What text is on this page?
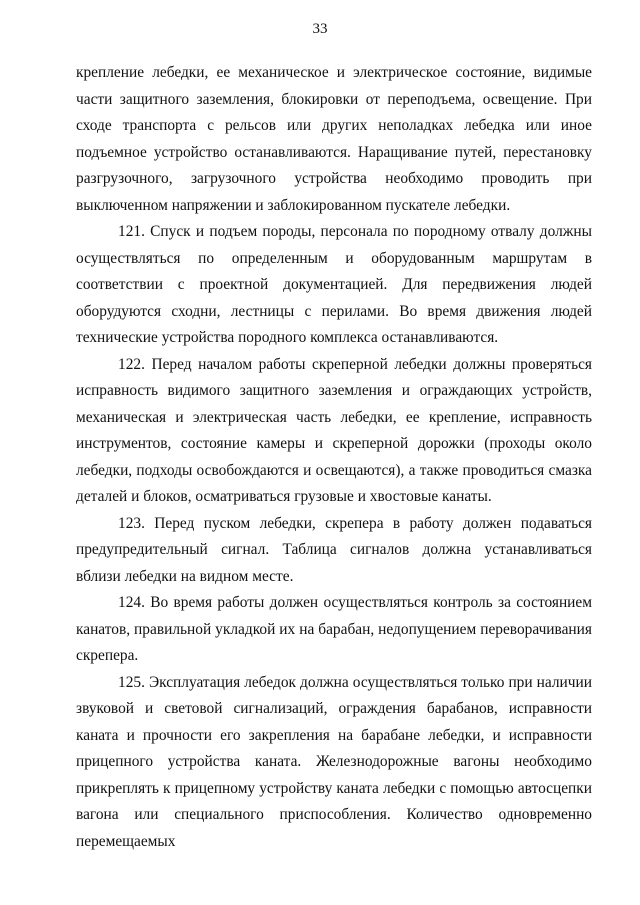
33

крепление лебедки, ее механическое и электрическое состояние, видимые части защитного заземления, блокировки от переподъема, освещение. При сходе транспорта с рельсов или других неполадках лебедка или иное подъемное устройство останавливаются. Наращивание путей, перестановку разгрузочного, загрузочного устройства необходимо проводить при выключенном напряжении и заблокированном пускателе лебедки.

121. Спуск и подъем породы, персонала по породному отвалу должны осуществляться по определенным и оборудованным маршрутам в соответствии с проектной документацией. Для передвижения людей оборудуются сходни, лестницы с перилами. Во время движения людей технические устройства породного комплекса останавливаются.

122. Перед началом работы скреперной лебедки должны проверяться исправность видимого защитного заземления и ограждающих устройств, механическая и электрическая часть лебедки, ее крепление, исправность инструментов, состояние камеры и скреперной дорожки (проходы около лебедки, подходы освобождаются и освещаются), а также проводиться смазка деталей и блоков, осматриваться грузовые и хвостовые канаты.

123. Перед пуском лебедки, скрепера в работу должен подаваться предупредительный сигнал. Таблица сигналов должна устанавливаться вблизи лебедки на видном месте.

124. Во время работы должен осуществляться контроль за состоянием канатов, правильной укладкой их на барабан, недопущением переворачивания скрепера.

125. Эксплуатация лебедок должна осуществляться только при наличии звуковой и световой сигнализаций, ограждения барабанов, исправности каната и прочности его закрепления на барабане лебедки, и исправности прицепного устройства каната. Железнодорожные вагоны необходимо прикреплять к прицепному устройству каната лебедки с помощью автосцепки вагона или специального приспособления. Количество одновременно перемещаемых
